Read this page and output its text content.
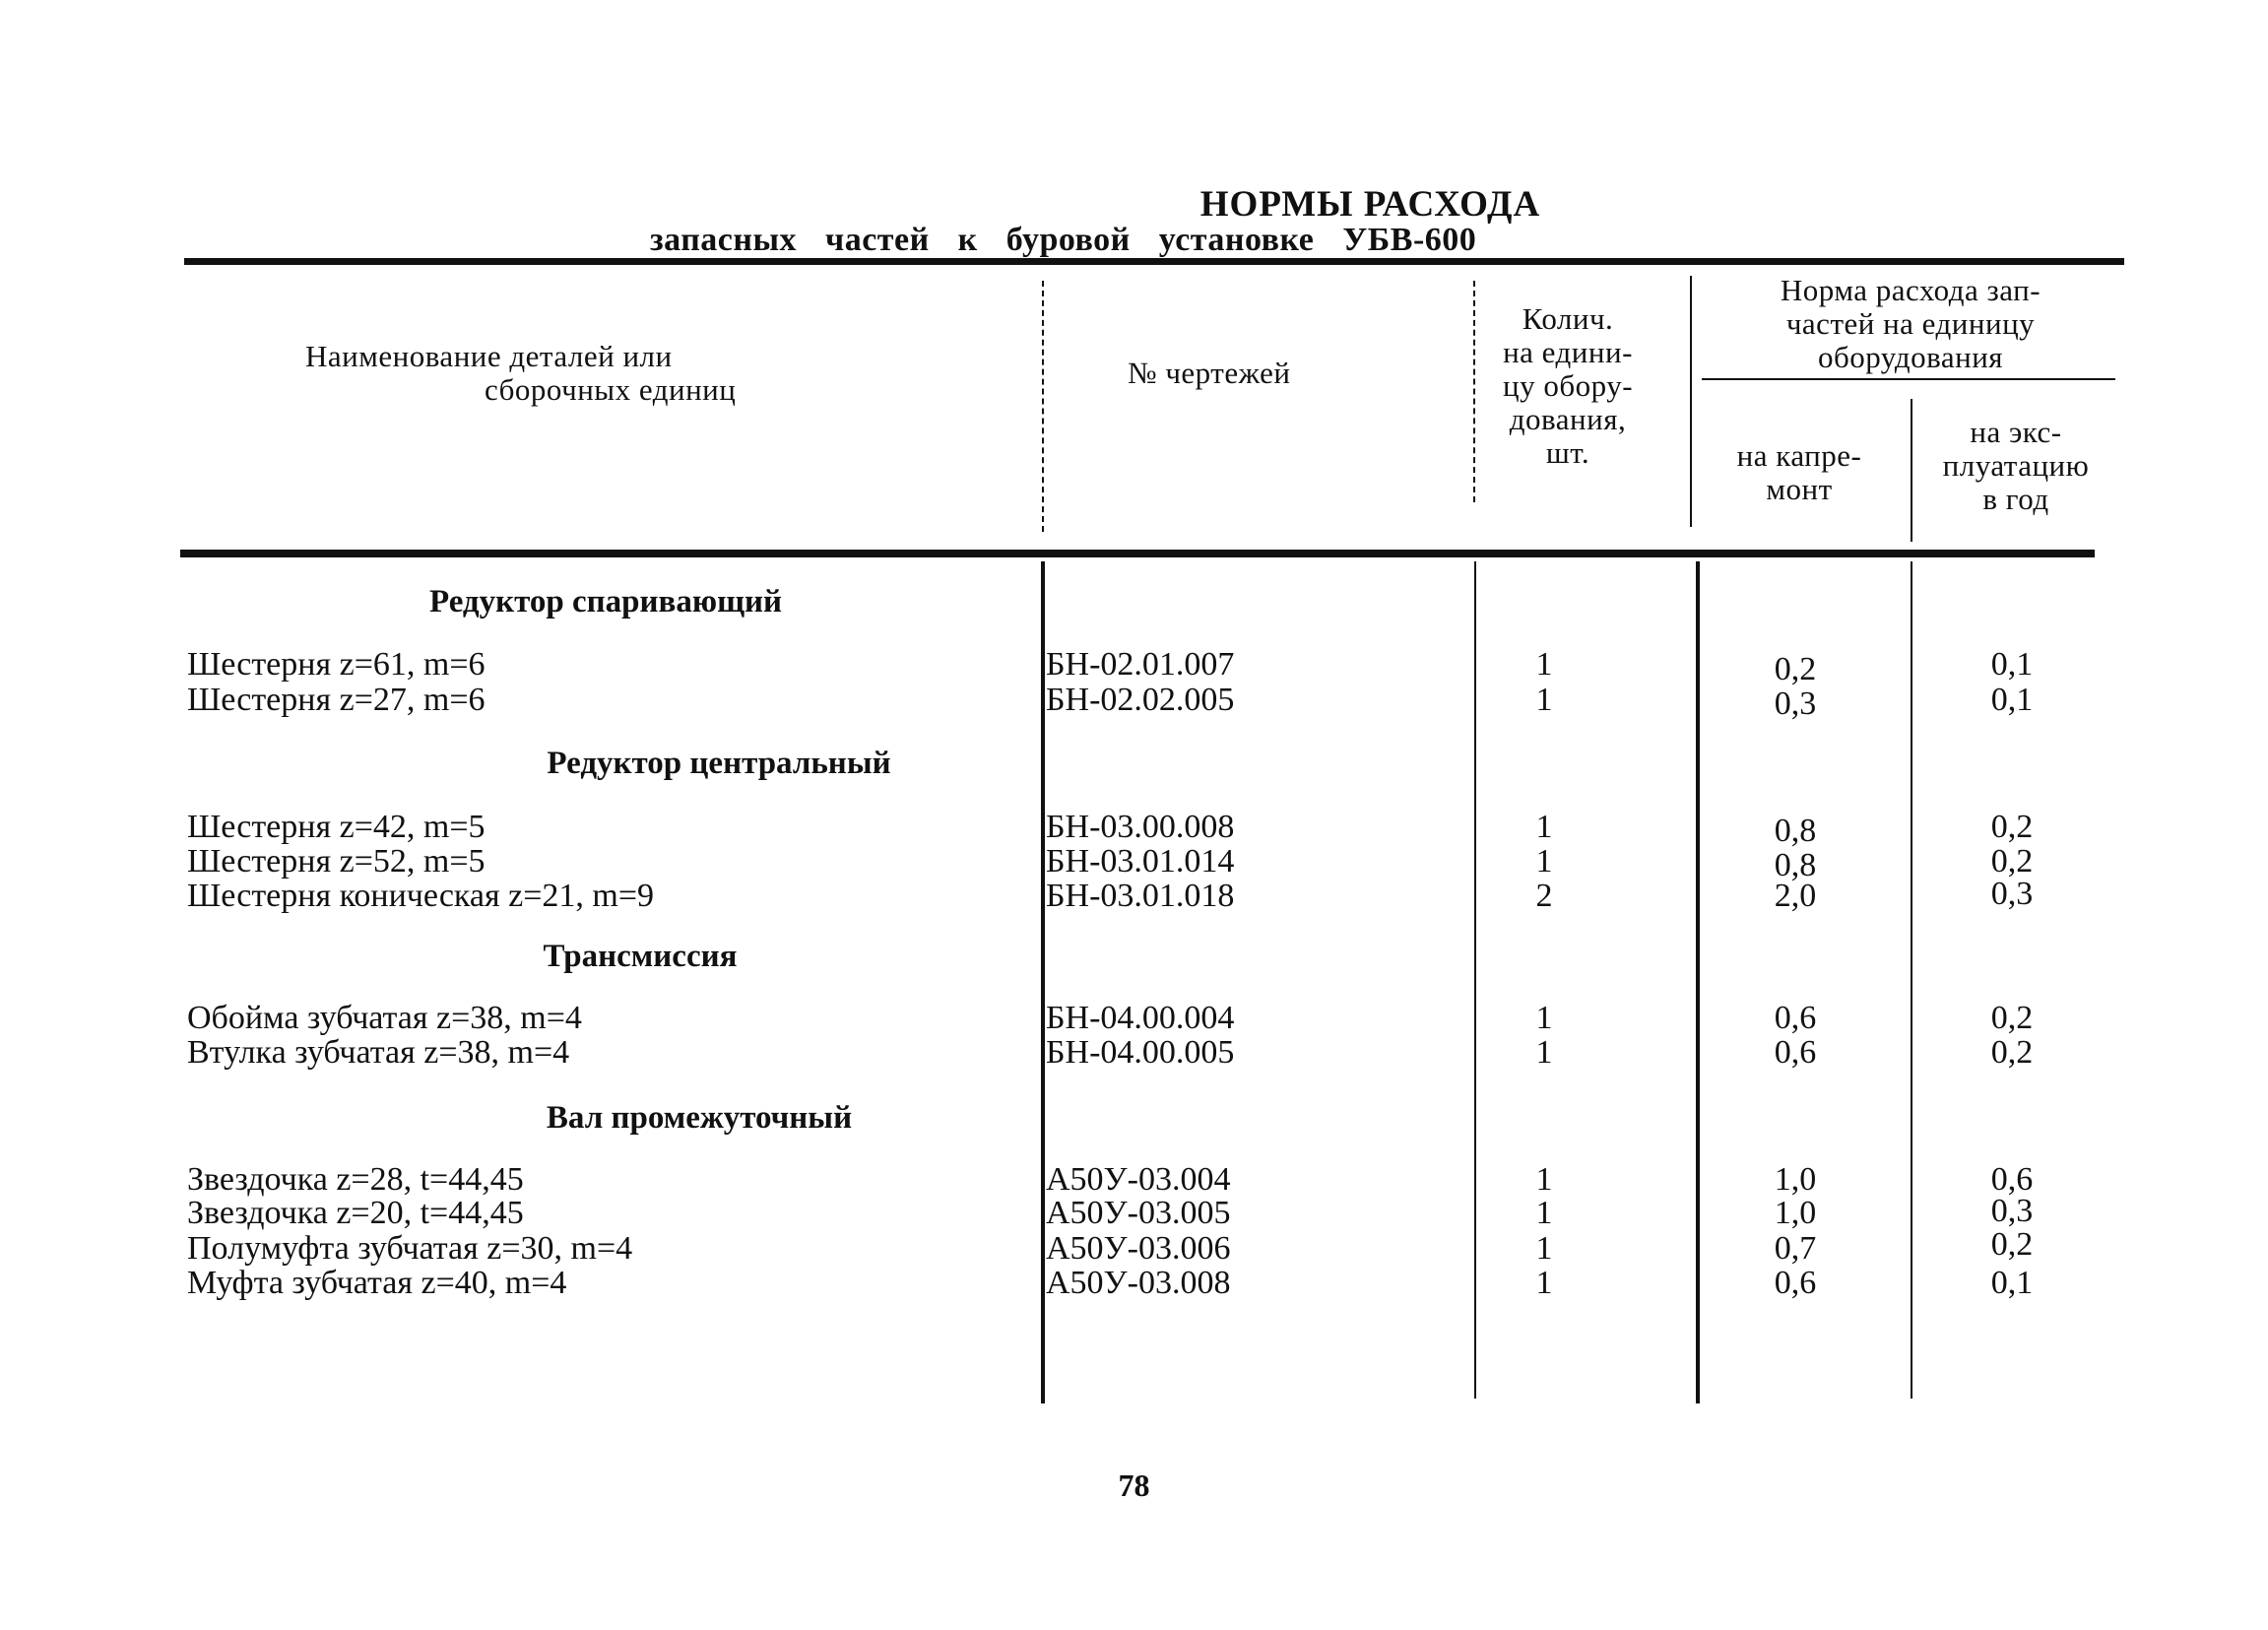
НОРМЫ РАСХОДА
запасных частей к буровой установке УБВ-600
Наименование деталей или
сборочных единиц	№ чертежей
Колич.
на едини-
цу обору-
дования,
шт.
Норма расхода зап-
частей на единицу
оборудования
на капре-
монт
на экс-
плуатацию
в год
Редуктор спаривающий
Шестерня z=61, m=6	БН-02.01.007	1	0,2	0,1
Шестерня z=27, m=6	БН-02.02.005	1	0,3	0,1
Редуктор центральный
Шестерня z=42, m=5	БН-03.00.008	1	0,8	0,2
Шестерня z=52, m=5	БН-03.01.014	1	0,8	0,2
Шестерня коническая z=21, m=9	БН-03.01.018	2	2,0	0,3
Трансмиссия
Обойма зубчатая z=38, m=4	БН-04.00.004	1	0,6	0,2
Втулка зубчатая z=38, m=4	БН-04.00.005	1	0,6	0,2
Вал промежуточный
Звездочка z=28, t=44,45	А50У-03.004	1	1,0	0,6
Звездочка z=20, t=44,45	А50У-03.005	1	1,0	0,3
Полумуфта зубчатая z=30, m=4	А50У-03.006	1	0,7	0,2
Муфта зубчатая z=40, m=4	А50У-03.008	1	0,6	0,1
78
